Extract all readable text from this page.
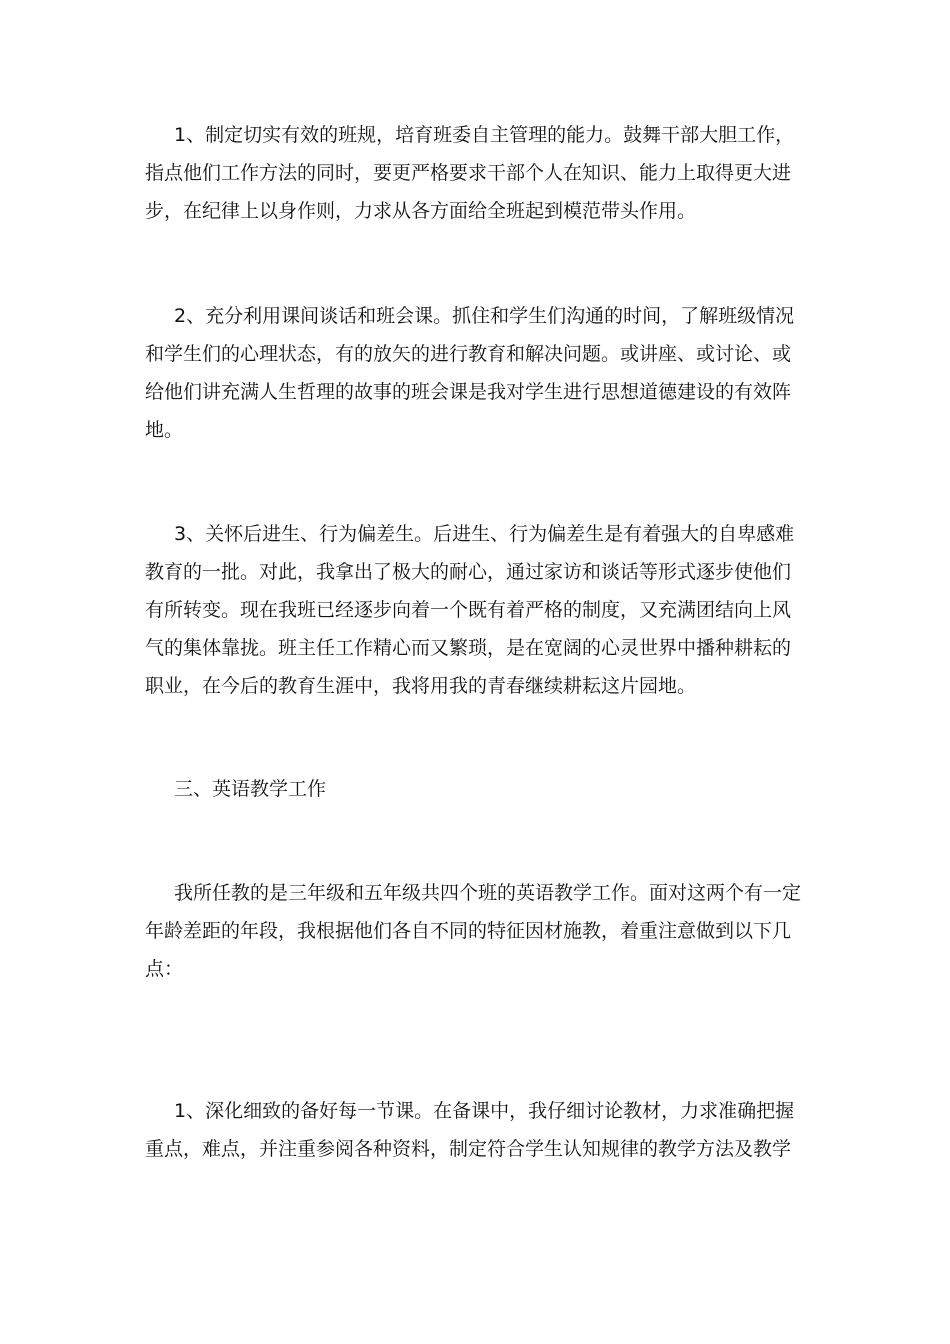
1、制定切实有效的班规，培育班委自主管理的能力。鼓舞干部大胆工作，
指点他们工作方法的同时，要更严格要求干部个人在知识、能力上取得更大进
步，在纪律上以身作则，力求从各方面给全班起到模范带头作用。
2、充分利用课间谈话和班会课。抓住和学生们沟通的时间，了解班级情况
和学生们的心理状态，有的放矢的进行教育和解决问题。或讲座、或讨论、或
给他们讲充满人生哲理的故事的班会课是我对学生进行思想道德建设的有效阵
地。
3、关怀后进生、行为偏差生。后进生、行为偏差生是有着强大的自卑感难
教育的一批。对此，我拿出了极大的耐心，通过家访和谈话等形式逐步使他们
有所转变。现在我班已经逐步向着一个既有着严格的制度，又充满团结向上风
气的集体靠拢。班主任工作精心而又繁琐，是在宽阔的心灵世界中播种耕耘的
职业，在今后的教育生涯中，我将用我的青春继续耕耘这片园地。
三、英语教学工作
我所任教的是三年级和五年级共四个班的英语教学工作。面对这两个有一定
年龄差距的年段，我根据他们各自不同的特征因材施教，着重注意做到以下几
点：
1、深化细致的备好每一节课。在备课中，我仔细讨论教材，力求准确把握
重点，难点，并注重参阅各种资料，制定符合学生认知规律的教学方法及教学
